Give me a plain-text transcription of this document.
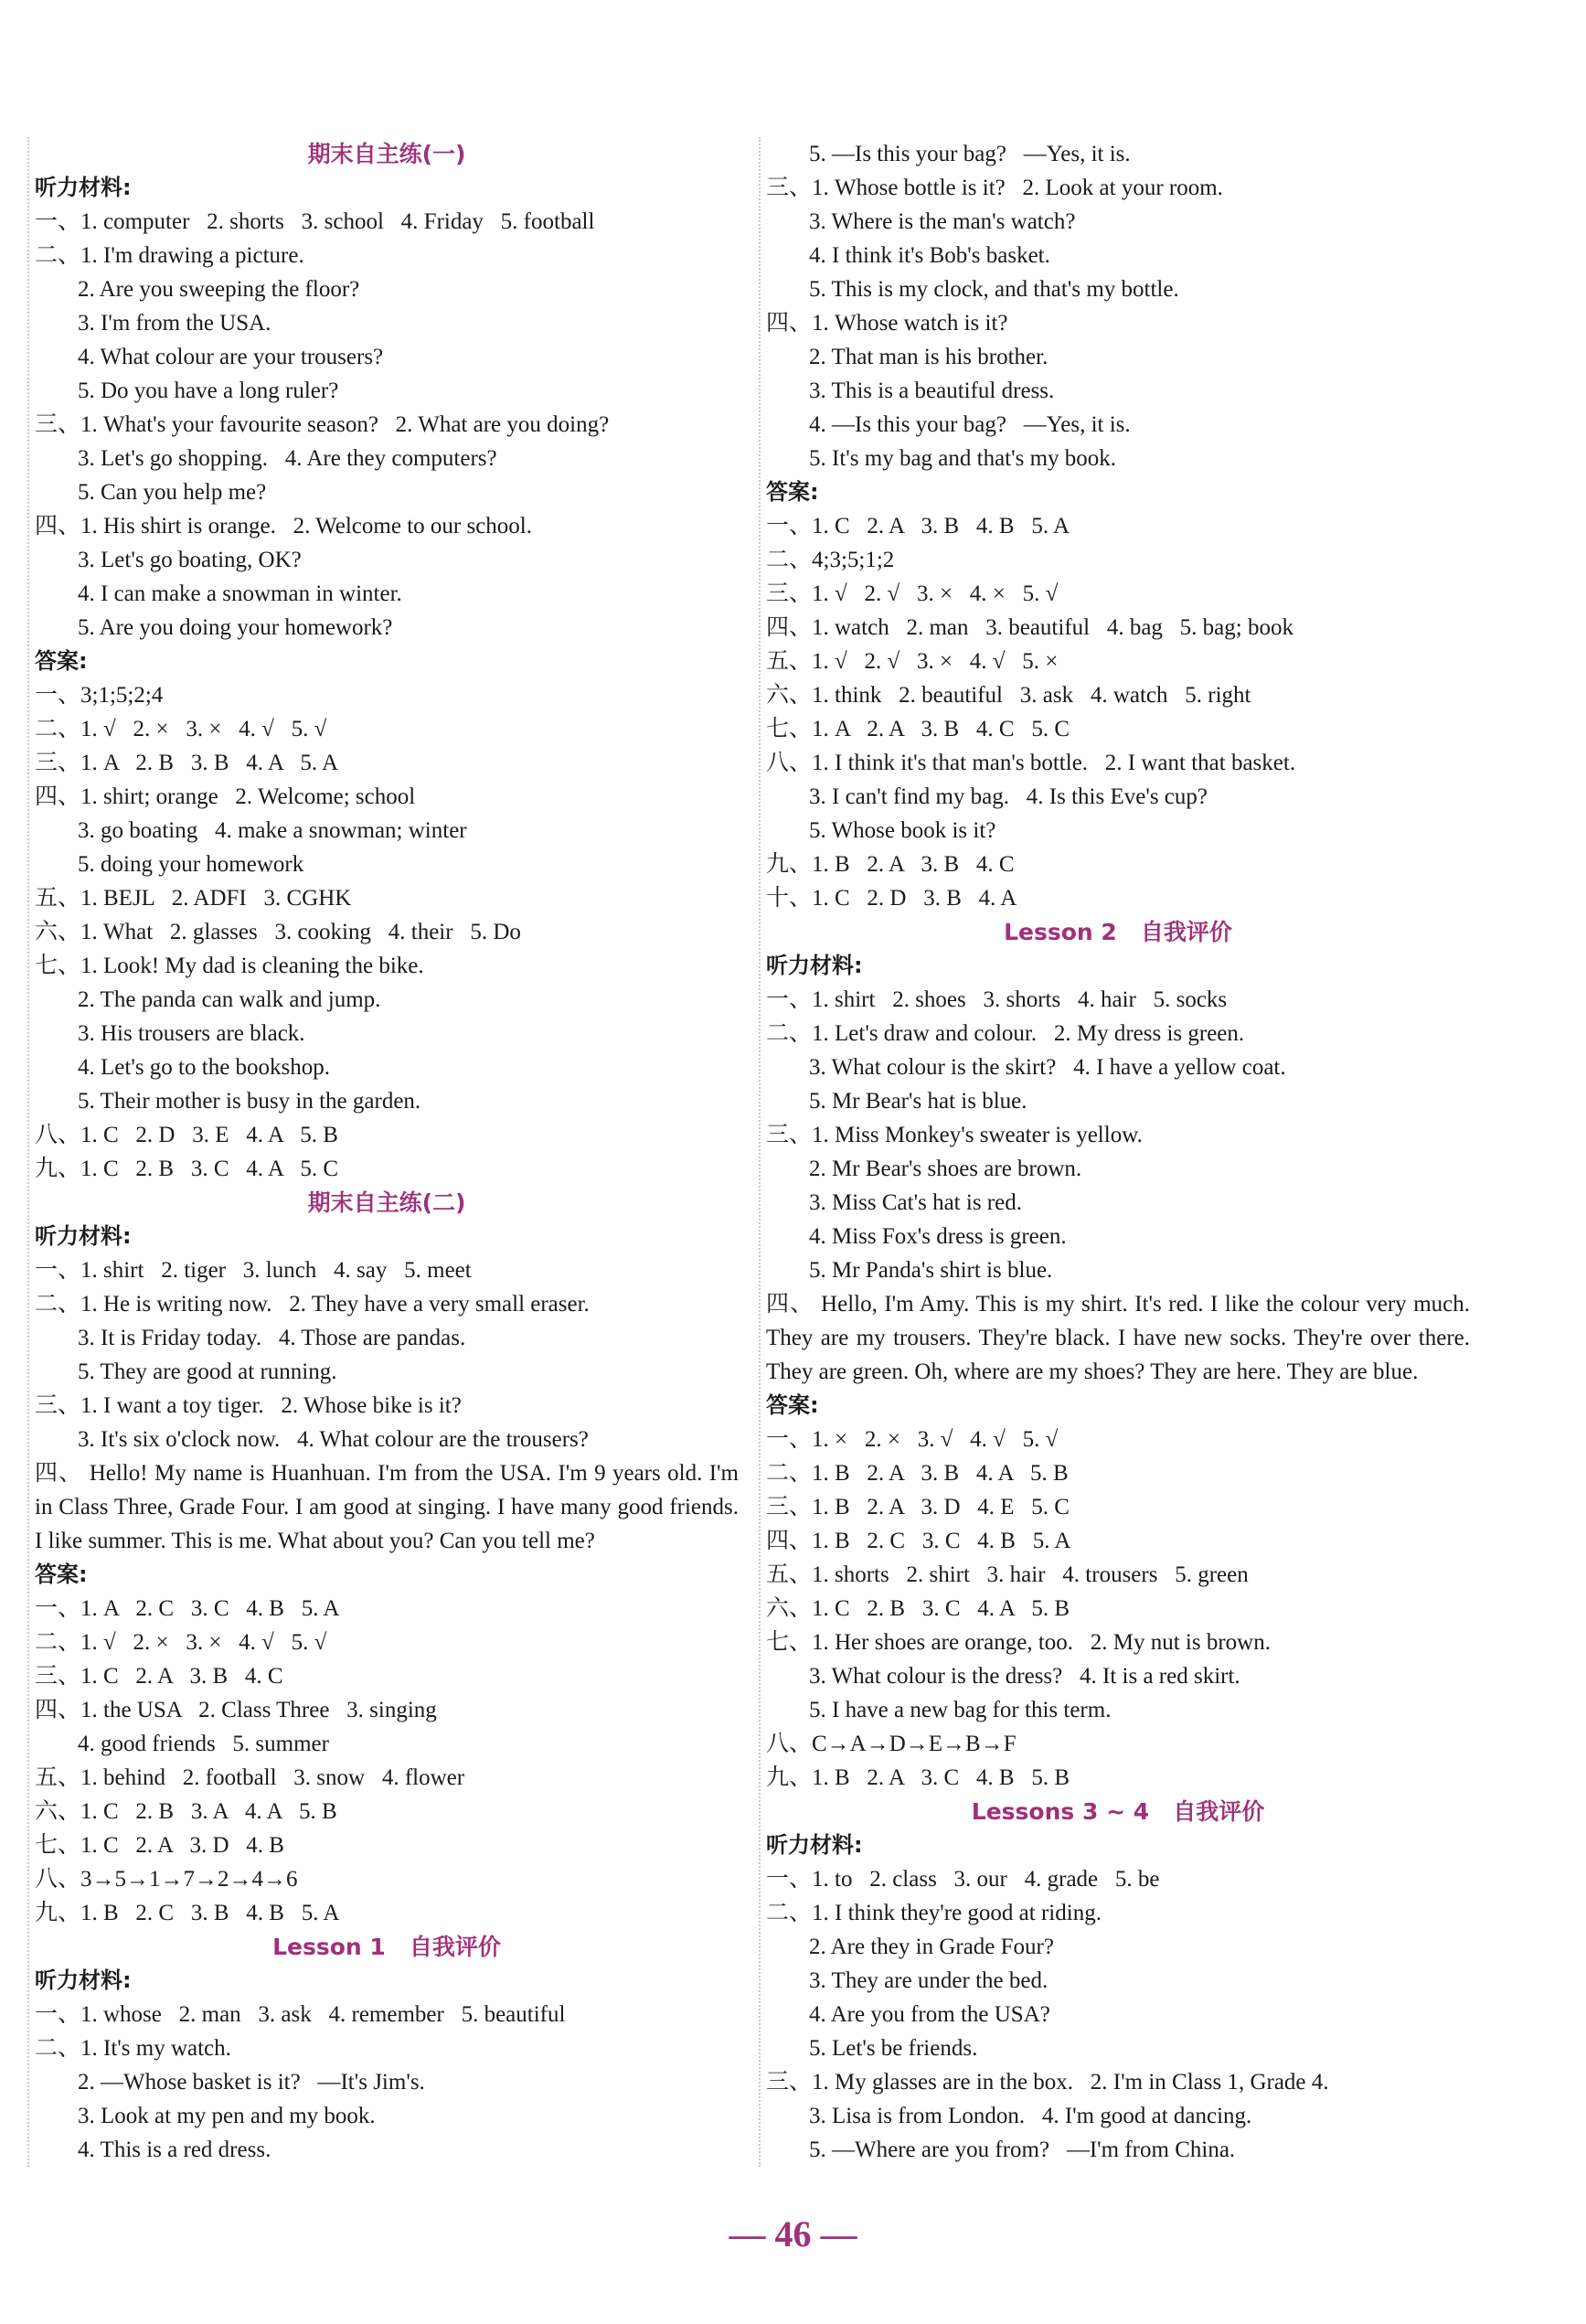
期末自主练(一)
听力材料:
一、1. computer   2. shorts   3. school   4. Friday   5. football
二、1. I'm drawing a picture.
2. Are you sweeping the floor?
3. I'm from the USA.
4. What colour are your trousers?
5. Do you have a long ruler?
三、1. What's your favourite season?   2. What are you doing?
3. Let's go shopping.   4. Are they computers?
5. Can you help me?
四、1. His shirt is orange.   2. Welcome to our school.
3. Let's go boating, OK?
4. I can make a snowman in winter.
5. Are you doing your homework?
答案:
一、3;1;5;2;4
二、1. √   2. ×   3. ×   4. √   5. √
三、1. A   2. B   3. B   4. A   5. A
四、1. shirt; orange   2. Welcome; school
3. go boating   4. make a snowman; winter
5. doing your homework
五、1. BEJL   2. ADFI   3. CGHK
六、1. What   2. glasses   3. cooking   4. their   5. Do
七、1. Look! My dad is cleaning the bike.
2. The panda can walk and jump.
3. His trousers are black.
4. Let's go to the bookshop.
5. Their mother is busy in the garden.
八、1. C   2. D   3. E   4. A   5. B
九、1. C   2. B   3. C   4. A   5. C
期末自主练(二)
听力材料:
一、1. shirt   2. tiger   3. lunch   4. say   5. meet
二、1. He is writing now.   2. They have a very small eraser.
3. It is Friday today.   4. Those are pandas.
5. They are good at running.
三、1. I want a toy tiger.   2. Whose bike is it?
3. It's six o'clock now.   4. What colour are the trousers?
四、 Hello! My name is Huanhuan. I'm from the USA. I'm 9 years old. I'm in Class Three, Grade Four. I am good at singing. I have many good friends. I like summer. This is me. What about you? Can you tell me?
答案:
一、1. A   2. C   3. C   4. B   5. A
二、1. √   2. ×   3. ×   4. √   5. √
三、1. C   2. A   3. B   4. C
四、1. the USA   2. Class Three   3. singing
4. good friends   5. summer
五、1. behind   2. football   3. snow   4. flower
六、1. C   2. B   3. A   4. A   5. B
七、1. C   2. A   3. D   4. B
八、3→5→1→7→2→4→6
九、1. B   2. C   3. B   4. B   5. A
Lesson 1   自我评价
听力材料:
一、1. whose   2. man   3. ask   4. remember   5. beautiful
二、1. It's my watch.
2. —Whose basket is it?   —It's Jim's.
3. Look at my pen and my book.
4. This is a red dress.
5. —Is this your bag?   —Yes, it is.
三、1. Whose bottle is it?   2. Look at your room.
3. Where is the man's watch?
4. I think it's Bob's basket.
5. This is my clock, and that's my bottle.
四、1. Whose watch is it?
2. That man is his brother.
3. This is a beautiful dress.
4. —Is this your bag?   —Yes, it is.
5. It's my bag and that's my book.
答案:
一、1. C   2. A   3. B   4. B   5. A
二、4;3;5;1;2
三、1. √   2. √   3. ×   4. ×   5. √
四、1. watch   2. man   3. beautiful   4. bag   5. bag; book
五、1. √   2. √   3. ×   4. √   5. ×
六、1. think   2. beautiful   3. ask   4. watch   5. right
七、1. A   2. A   3. B   4. C   5. C
八、1. I think it's that man's bottle.   2. I want that basket.
3. I can't find my bag.   4. Is this Eve's cup?
5. Whose book is it?
九、1. B   2. A   3. B   4. C
十、1. C   2. D   3. B   4. A
Lesson 2   自我评价
听力材料:
一、1. shirt   2. shoes   3. shorts   4. hair   5. socks
二、1. Let's draw and colour.   2. My dress is green.
3. What colour is the skirt?   4. I have a yellow coat.
5. Mr Bear's hat is blue.
三、1. Miss Monkey's sweater is yellow.
2. Mr Bear's shoes are brown.
3. Miss Cat's hat is red.
4. Miss Fox's dress is green.
5. Mr Panda's shirt is blue.
四、 Hello, I'm Amy. This is my shirt. It's red. I like the colour very much. They are my trousers. They're black. I have new socks. They're over there. They are green. Oh, where are my shoes? They are here. They are blue.
答案:
一、1. ×   2. ×   3. √   4. √   5. √
二、1. B   2. A   3. B   4. A   5. B
三、1. B   2. A   3. D   4. E   5. C
四、1. B   2. C   3. C   4. B   5. A
五、1. shorts   2. shirt   3. hair   4. trousers   5. green
六、1. C   2. B   3. C   4. A   5. B
七、1. Her shoes are orange, too.   2. My nut is brown.
3. What colour is the dress?   4. It is a red skirt.
5. I have a new bag for this term.
八、C→A→D→E→B→F
九、1. B   2. A   3. C   4. B   5. B
Lessons 3 ~ 4   自我评价
听力材料:
一、1. to   2. class   3. our   4. grade   5. be
二、1. I think they're good at riding.
2. Are they in Grade Four?
3. They are under the bed.
4. Are you from the USA?
5. Let's be friends.
三、1. My glasses are in the box.   2. I'm in Class 1, Grade 4.
3. Lisa is from London.   4. I'm good at dancing.
5. —Where are you from?   —I'm from China.
— 46 —
